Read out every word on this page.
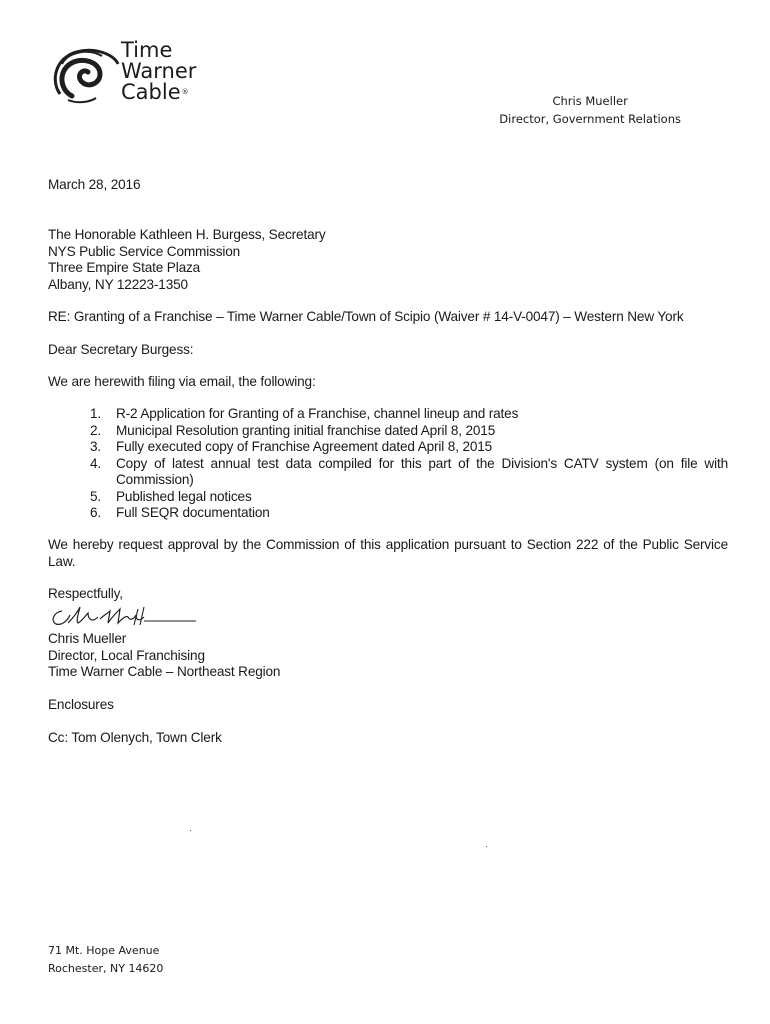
Time
Warner
Cable®
Chris Mueller
Director, Government Relations
March 28, 2016
The Honorable Kathleen H. Burgess, Secretary
NYS Public Service Commission
Three Empire State Plaza
Albany, NY 12223-1350
RE: Granting of a Franchise – Time Warner Cable/Town of Scipio (Waiver # 14-V-0047) – Western New York
Dear Secretary Burgess:
We are herewith filing via email, the following:
1. R-2 Application for Granting of a Franchise, channel lineup and rates
2. Municipal Resolution granting initial franchise dated April 8, 2015
3. Fully executed copy of Franchise Agreement dated April 8, 2015
4. Copy of latest annual test data compiled for this part of the Division's CATV system (on file with Commission)
5. Published legal notices
6. Full SEQR documentation
We hereby request approval by the Commission of this application pursuant to Section 222 of the Public Service Law.
Respectfully,
Chris Mueller
Director, Local Franchising
Time Warner Cable – Northeast Region
Enclosures
Cc: Tom Olenych, Town Clerk
71 Mt. Hope Avenue
Rochester, NY 14620
